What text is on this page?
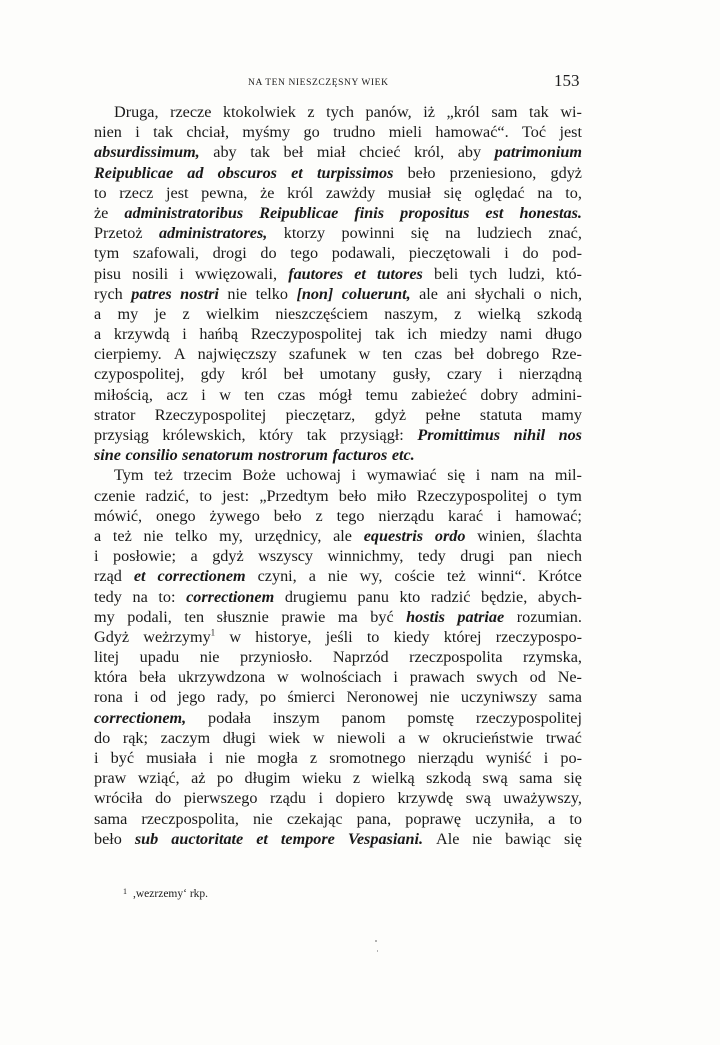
NA TEN NIESZCZĘSNY WIEK	153
Druga, rzecze ktokolwiek z tych panów, iż „król sam tak wi-
nien i tak chciał, myśmy go trudno mieli hamować“. Toć jest
absurdissimum, aby tak beł miał chcieć król, aby patrimonium
Reipublicae ad obscuros et turpissimos beło przeniesiono, gdyż
to rzecz jest pewna, że król zawżdy musiał się oględać na to,
że administratoribus Reipublicae finis propositus est honestas.
Przetoż administratores, ktorzy powinni się na ludziech znać,
tym szafowali, drogi do tego podawali, pieczętowali i do pod-
pisu nosili i wwięzowali, fautores et tutores beli tych ludzi, któ-
rych patres nostri nie telko [non] coluerunt, ale ani słychali o nich,
a my je z wielkim nieszczęściem naszym, z wielką szkodą
a krzywdą i hańbą Rzeczypospolitej tak ich miedzy nami długo
cierpiemy. A najwięczszy szafunek w ten czas beł dobrego Rze-
czypospolitej, gdy król beł umotany gusły, czary i nierządną
miłością, acz i w ten czas mógł temu zabieżeć dobry admini-
strator Rzeczypospolitej pieczętarz, gdyż pełne statuta mamy
przysiąg królewskich, który tak przysiągł: Promittimus nihil nos
sine consilio senatorum nostrorum facturos etc.
Tym też trzecim Boże uchowaj i wymawiać się i nam na mil-
czenie radzić, to jest: „Przedtym beło miło Rzeczypospolitej o tym
mówić, onego żywego beło z tego nierządu karać i hamować;
a też nie telko my, urzędnicy, ale equestris ordo winien, ślachta
i posłowie; a gdyż wszyscy winnichmy, tedy drugi pan niech
rząd et correctionem czyni, a nie wy, coście też winni“. Krótce
tedy na to: correctionem drugiemu panu kto radzić będzie, abych-
my podali, ten słusznie prawie ma być hostis patriae rozumian.
Gdyż weżrzymy$^1$ w historye, jeśli to kiedy której rzeczypospo-
litej upadu nie przyniosło. Naprzód rzeczpospolita rzymska,
która beła ukrzywdzona w wolnościach i prawach swych od Ne-
rona i od jego rady, po śmierci Neronowej nie uczyniwszy sama
correctionem, podała inszym panom pomstę rzeczypospolitej
do rąk; zaczym długi wiek w niewoli a w okrucieństwie trwać
i być musiała i nie mogła z sromotnego nierządu wyniść i po-
praw wziąć, aż po długim wieku z wielką szkodą swą sama się
wróciła do pierwszego rządu i dopiero krzywdę swą uważywszy,
sama rzeczpospolita, nie czekając pana, poprawę uczyniła, a to
beło sub auctoritate et tempore Vespasiani. Ale nie bawiąc się
$^1$ ,wezrzemy‘ rkp.
